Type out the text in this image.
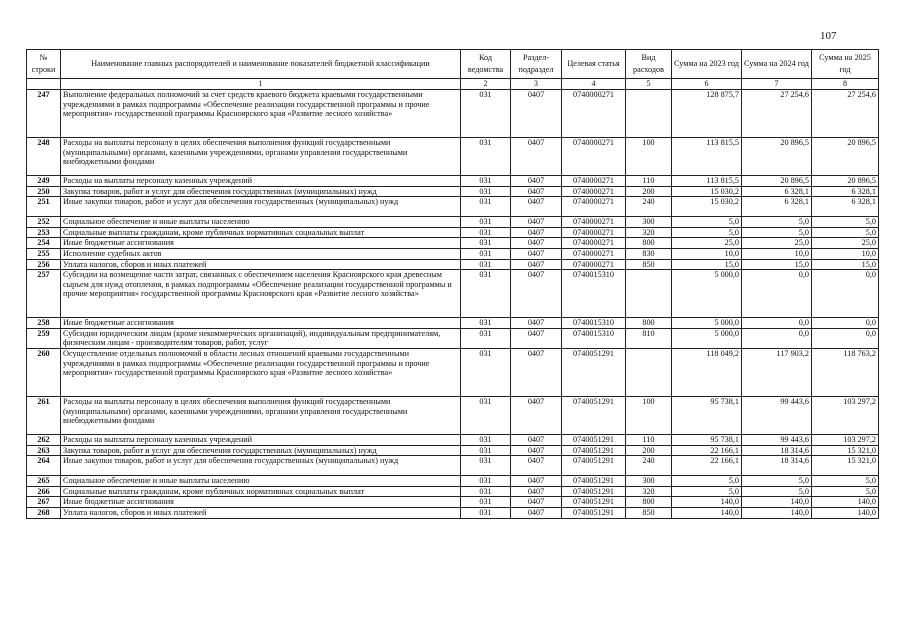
107
№ строки	Наименование главных распорядителей и наименование показателей бюджетной классификации	Код ведомства	Раздел-подраздел	Целевая статья	Вид расходов	Сумма на 2023 год	Сумма на 2024 год	Сумма на 2025 год
	1	2	3	4	5	6	7	8
247	Выполнение федеральных полномочий за счет средств краевого бюджета краевыми государственными учреждениями в рамках подпрограммы «Обеспечение реализации государственной программы и прочие мероприятия» государственной программы Красноярского края «Развитие лесного хозяйства»	031	0407	0740000271		128 875,7	27 254,6	27 254,6
248	Расходы на выплаты персоналу в целях обеспечения выполнения функций государственными (муниципальными) органами, казенными учреждениями, органами управления государственными внебюджетными фондами	031	0407	0740000271	100	113 815,5	20 896,5	20 896,5
249	Расходы на выплаты персоналу казенных учреждений	031	0407	0740000271	110	113 815,5	20 896,5	20 896,5
250	Закупка товаров, работ и услуг для обеспечения государственных (муниципальных) нужд	031	0407	0740000271	200	15 030,2	6 328,1	6 328,1
251	Иные закупки товаров, работ и услуг для обеспечения государственных (муниципальных) нужд	031	0407	0740000271	240	15 030,2	6 328,1	6 328,1
252	Социальное обеспечение и иные выплаты населению	031	0407	0740000271	300	5,0	5,0	5,0
253	Социальные выплаты гражданам, кроме публичных нормативных социальных выплат	031	0407	0740000271	320	5,0	5,0	5,0
254	Иные бюджетные ассигнования	031	0407	0740000271	800	25,0	25,0	25,0
255	Исполнение судебных актов	031	0407	0740000271	830	10,0	10,0	10,0
256	Уплата налогов, сборов и иных платежей	031	0407	0740000271	850	15,0	15,0	15,0
257	Субсидии на возмещение части затрат, связанных с обеспечением населения Красноярского края древесным сырьем для нужд отопления, в рамках подпрограммы «Обеспечение реализации государственной программы и прочие мероприятия» государственной программы Красноярского края «Развитие лесного хозяйства»	031	0407	0740015310		5 000,0	0,0	0,0
258	Иные бюджетные ассигнования	031	0407	0740015310	800	5 000,0	0,0	0,0
259	Субсидии юридическим лицам (кроме некоммерческих организаций), индивидуальным предпринимателям, физическим лицам - производителям товаров, работ, услуг	031	0407	0740015310	810	5 000,0	0,0	0,0
260	Осуществление отдельных полномочий в области лесных отношений краевыми государственными учреждениями в рамках подпрограммы «Обеспечение реализации государственной программы и прочие мероприятия» государственной программы Красноярского края «Развитие лесного хозяйства»	031	0407	0740051291		118 049,2	117 903,2	118 763,2
261	Расходы на выплаты персоналу в целях обеспечения выполнения функций государственными (муниципальными) органами, казенными учреждениями, органами управления государственными внебюджетными фондами	031	0407	0740051291	100	95 738,1	99 443,6	103 297,2
262	Расходы на выплаты персоналу казенных учреждений	031	0407	0740051291	110	95 738,1	99 443,6	103 297,2
263	Закупка товаров, работ и услуг для обеспечения государственных (муниципальных) нужд	031	0407	0740051291	200	22 166,1	18 314,6	15 321,0
264	Иные закупки товаров, работ и услуг для обеспечения государственных (муниципальных) нужд	031	0407	0740051291	240	22 166,1	18 314,6	15 321,0
265	Социальное обеспечение и иные выплаты населению	031	0407	0740051291	300	5,0	5,0	5,0
266	Социальные выплаты гражданам, кроме публичных нормативных социальных выплат	031	0407	0740051291	320	5,0	5,0	5,0
267	Иные бюджетные ассигнования	031	0407	0740051291	800	140,0	140,0	140,0
268	Уплата налогов, сборов и иных платежей	031	0407	0740051291	850	140,0	140,0	140,0
